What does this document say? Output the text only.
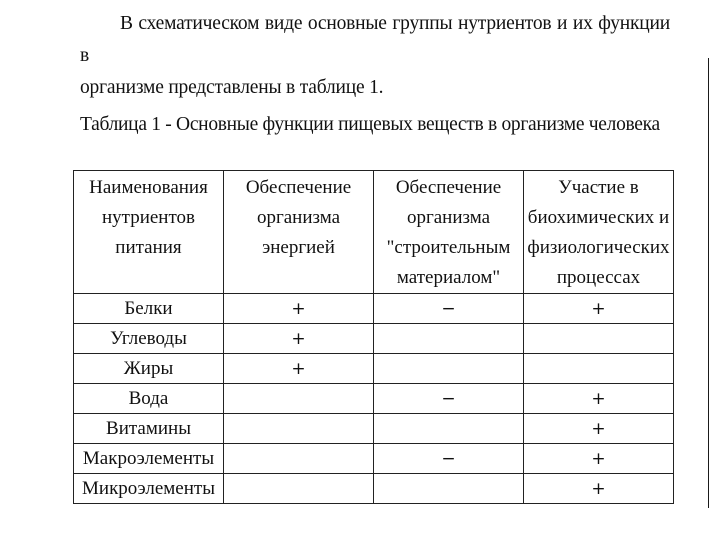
В схематическом виде основные группы нутриентов и их функции в
организме представлены в таблице 1.
Таблица 1 - Основные функции пищевых веществ в организме человека
Наименования нутриентов питания	Обеспечение организма энергией	Обеспечение организма "строительным материалом"	Участие в биохимических и физиологических процессах
Белки	+	−	+
Углеводы	+		
Жиры	+		
Вода		−	+
Витамины			+
Макроэлементы		−	+
Микроэлементы			+
